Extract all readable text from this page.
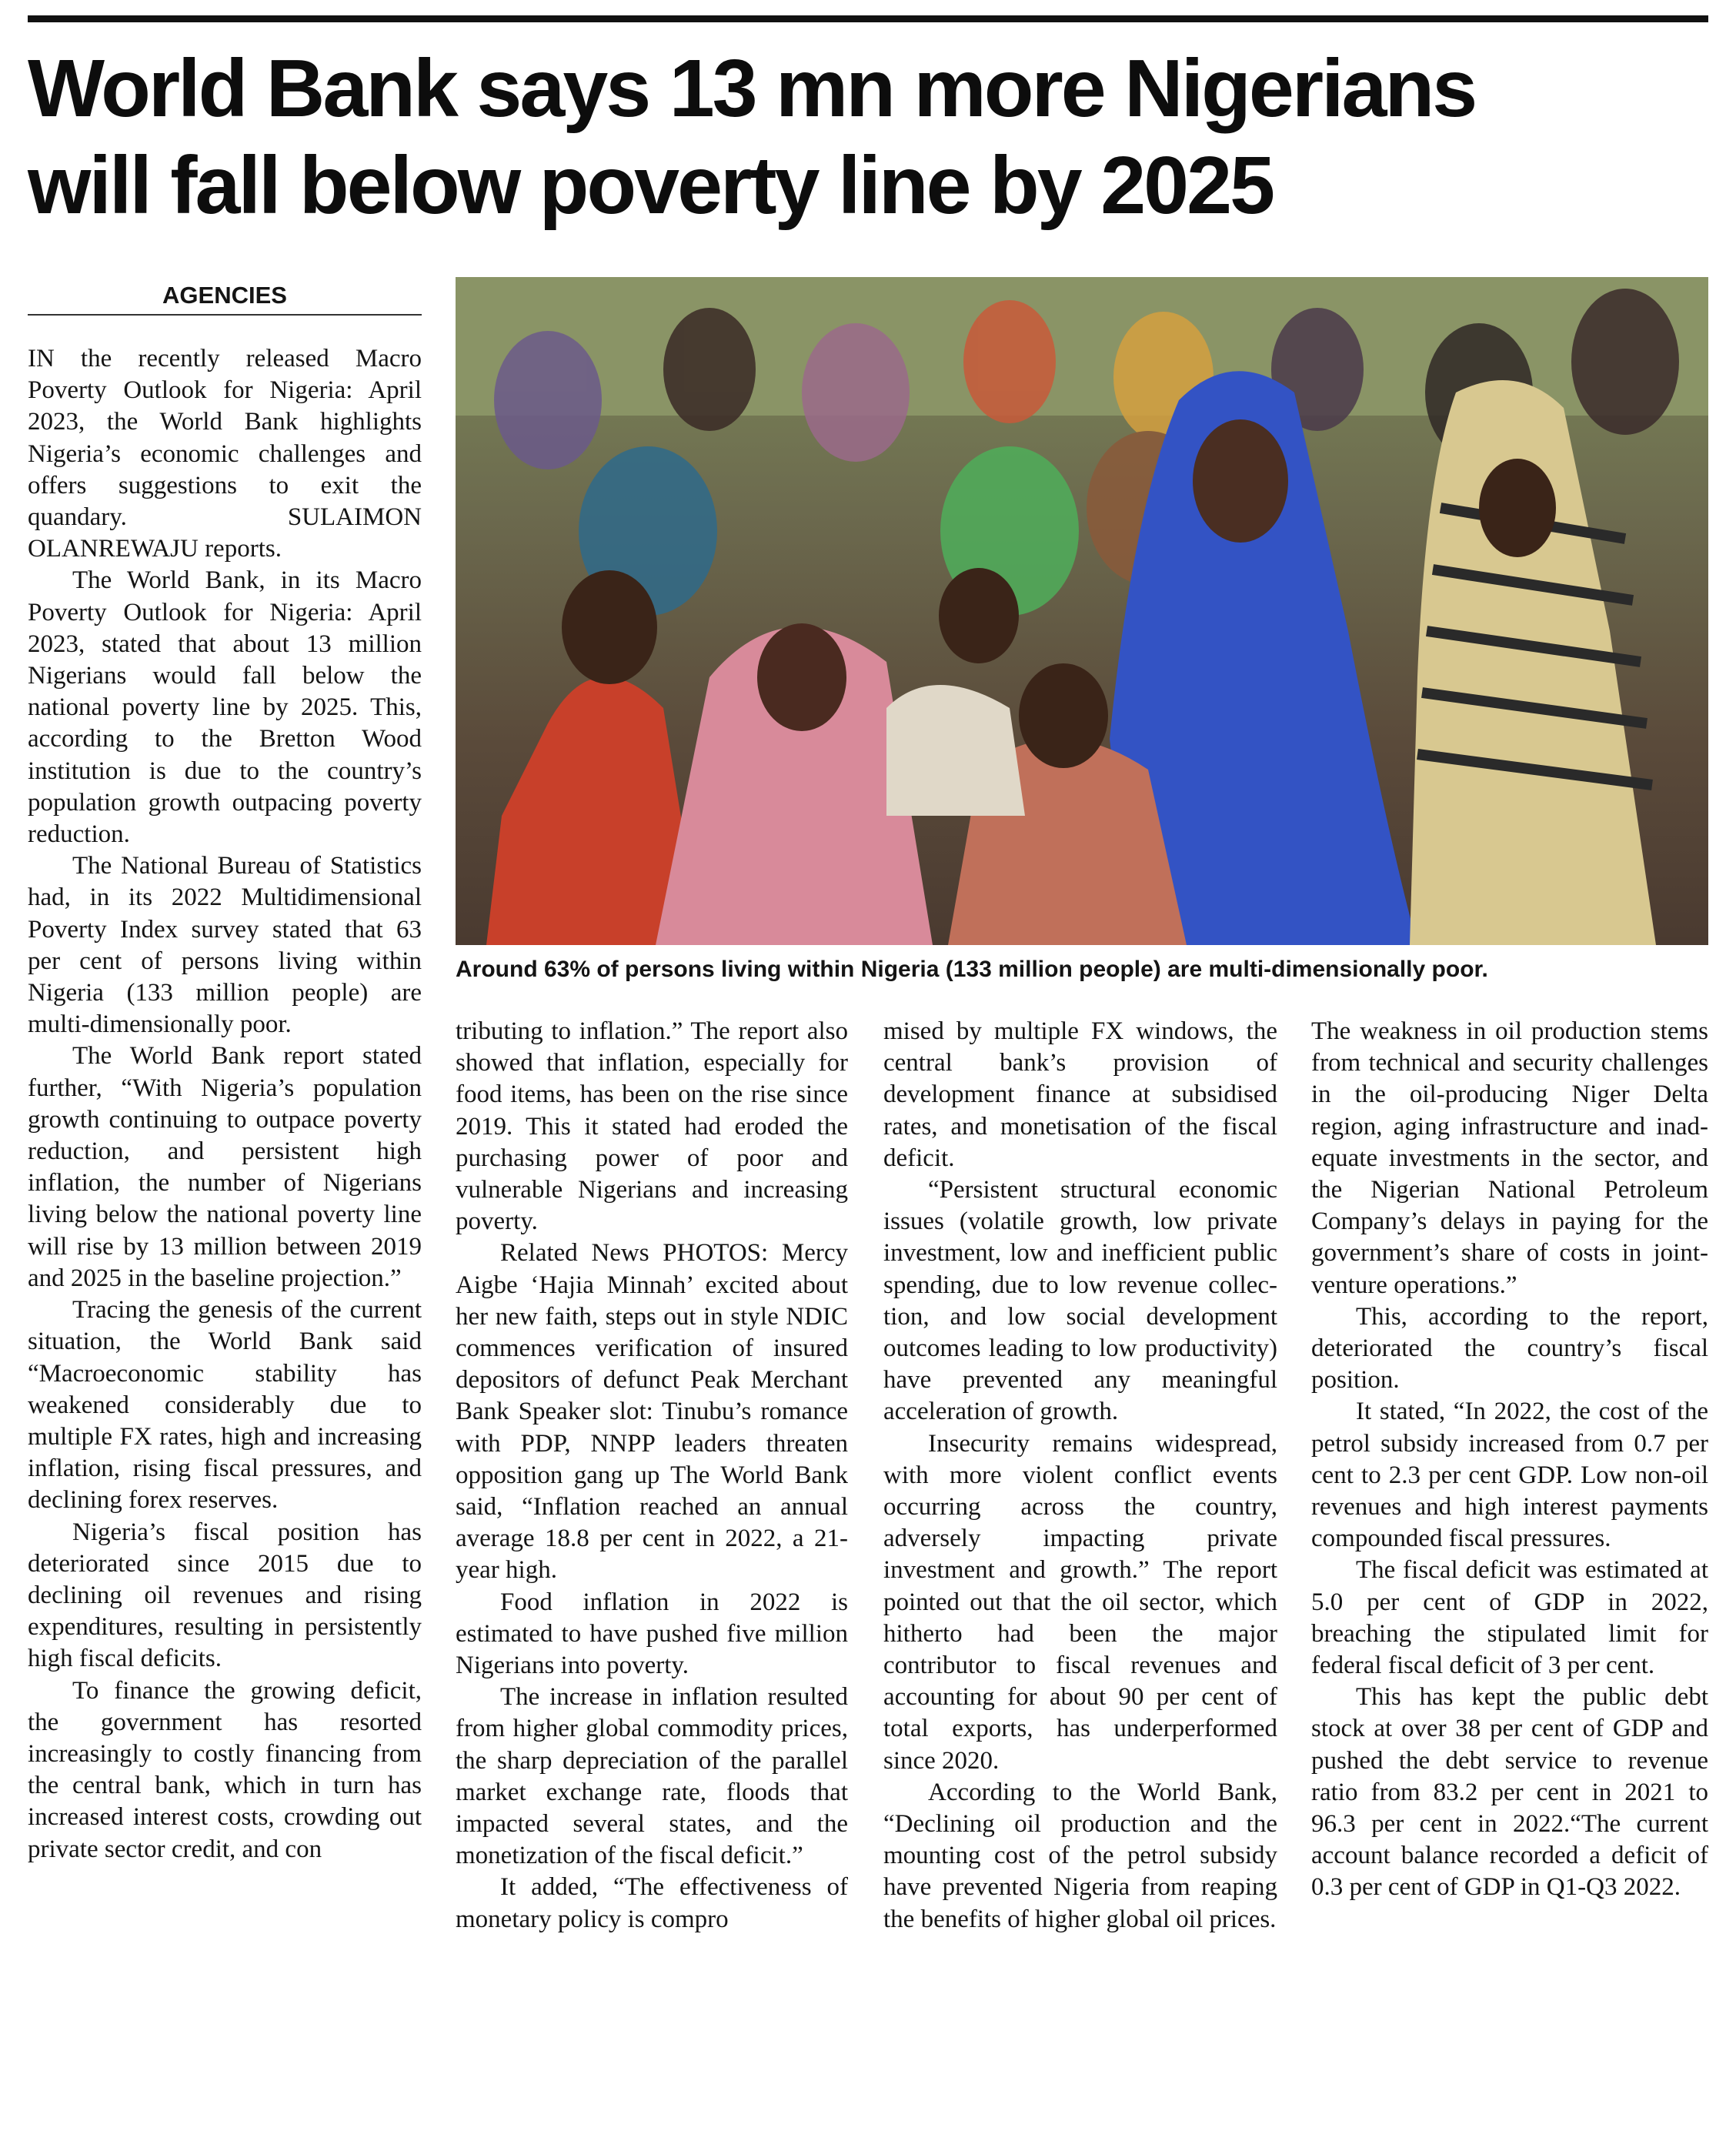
World Bank says 13 mn more Nigerians
will fall below poverty line by 2025
AGENCIES

IN the recently released Macro Poverty Outlook for Nigeria: April 2023, the World Bank highlights Nigeria’s economic challenges and offers suggestions to exit the quandary. SULAIMON OLANREWAJU reports.

The World Bank, in its Macro Poverty Outlook for Nigeria: April 2023, stated that about 13 million Nigerians would fall below the national poverty line by 2025. This, according to the Bretton Wood institution is due to the country’s population growth outpacing poverty reduction.

The National Bureau of Statistics had, in its 2022 Multidimensional Poverty Index survey stated that 63 per cent of persons living within Nigeria (133 million people) are multi-dimensionally poor.

The World Bank report stated further, “With Nigeria’s population growth continuing to outpace poverty reduction, and persistent high inflation, the number of Nigerians living below the national poverty line will rise by 13 million between 2019 and 2025 in the baseline projection.”

Tracing the genesis of the current situation, the World Bank said “Macroeconomic stability has weakened considerably due to multiple FX rates, high and increasing inflation, rising fiscal pressures, and declining forex reserves.

Nigeria’s fiscal position has deteriorated since 2015 due to declining oil revenues and rising expenditures, resulting in persistently high fiscal deficits.

To finance the growing deficit, the government has resorted increasingly to costly financing from the central bank, which in turn has increased interest costs, crowding out private sector credit, and con

Around 63% of persons living within Nigeria (133 million people) are multi-dimensionally poor.

tributing to inflation.” The report also showed that inflation, especially for food items, has been on the rise since 2019. This it stated had eroded the purchasing power of poor and vulnerable Nigerians and increasing poverty.

Related News PHOTOS: Mercy Aigbe ‘Hajia Minnah’ excited about her new faith, steps out in style NDIC commences verification of insured depositors of defunct Peak Merchant Bank Speaker slot: Tinubu’s romance with PDP, NNPP leaders threaten opposition gang up The World Bank said, “Inflation reached an annual average 18.8 per cent in 2022, a 21-year high.

Food inflation in 2022 is estimated to have pushed five million Nigerians into poverty.

The increase in inflation resulted from higher global commodity prices, the sharp depreciation of the parallel market exchange rate, floods that impacted several states, and the monetization of the fiscal deficit.”

It added, “The effectiveness of monetary policy is compro

mised by multiple FX windows, the central bank’s provision of development finance at subsidised rates, and monetisation of the fiscal deficit.

“Persistent structural economic issues (volatile growth, low private investment, low and inefficient public spending, due to low revenue collection, and low social development outcomes leading to low productivity) have prevented any meaningful acceleration of growth.

Insecurity remains widespread, with more violent conflict events occurring across the country, adversely impacting private investment and growth.” The report pointed out that the oil sector, which hitherto had been the major contributor to fiscal revenues and accounting for about 90 per cent of total exports, has underperformed since 2020.

According to the World Bank, “Declining oil production and the mounting cost of the petrol subsidy have prevented Nigeria from reaping the benefits of higher global oil prices.

The weakness in oil production stems from technical and security challenges in the oil-producing Niger Delta region, aging infrastructure and inadequate investments in the sector, and the Nigerian National Petroleum Company’s delays in paying for the government’s share of costs in joint-venture operations.”

This, according to the report, deteriorated the country’s fiscal position.

It stated, “In 2022, the cost of the petrol subsidy increased from 0.7 per cent to 2.3 per cent GDP. Low non-oil revenues and high interest payments compounded fiscal pressures.

The fiscal deficit was estimated at 5.0 per cent of GDP in 2022, breaching the stipulated limit for federal fiscal deficit of 3 per cent.

This has kept the public debt stock at over 38 per cent of GDP and pushed the debt service to revenue ratio from 83.2 per cent in 2021 to 96.3 per cent in 2022.“The current account balance recorded a deficit of 0.3 per cent of GDP in Q1-Q3 2022.
